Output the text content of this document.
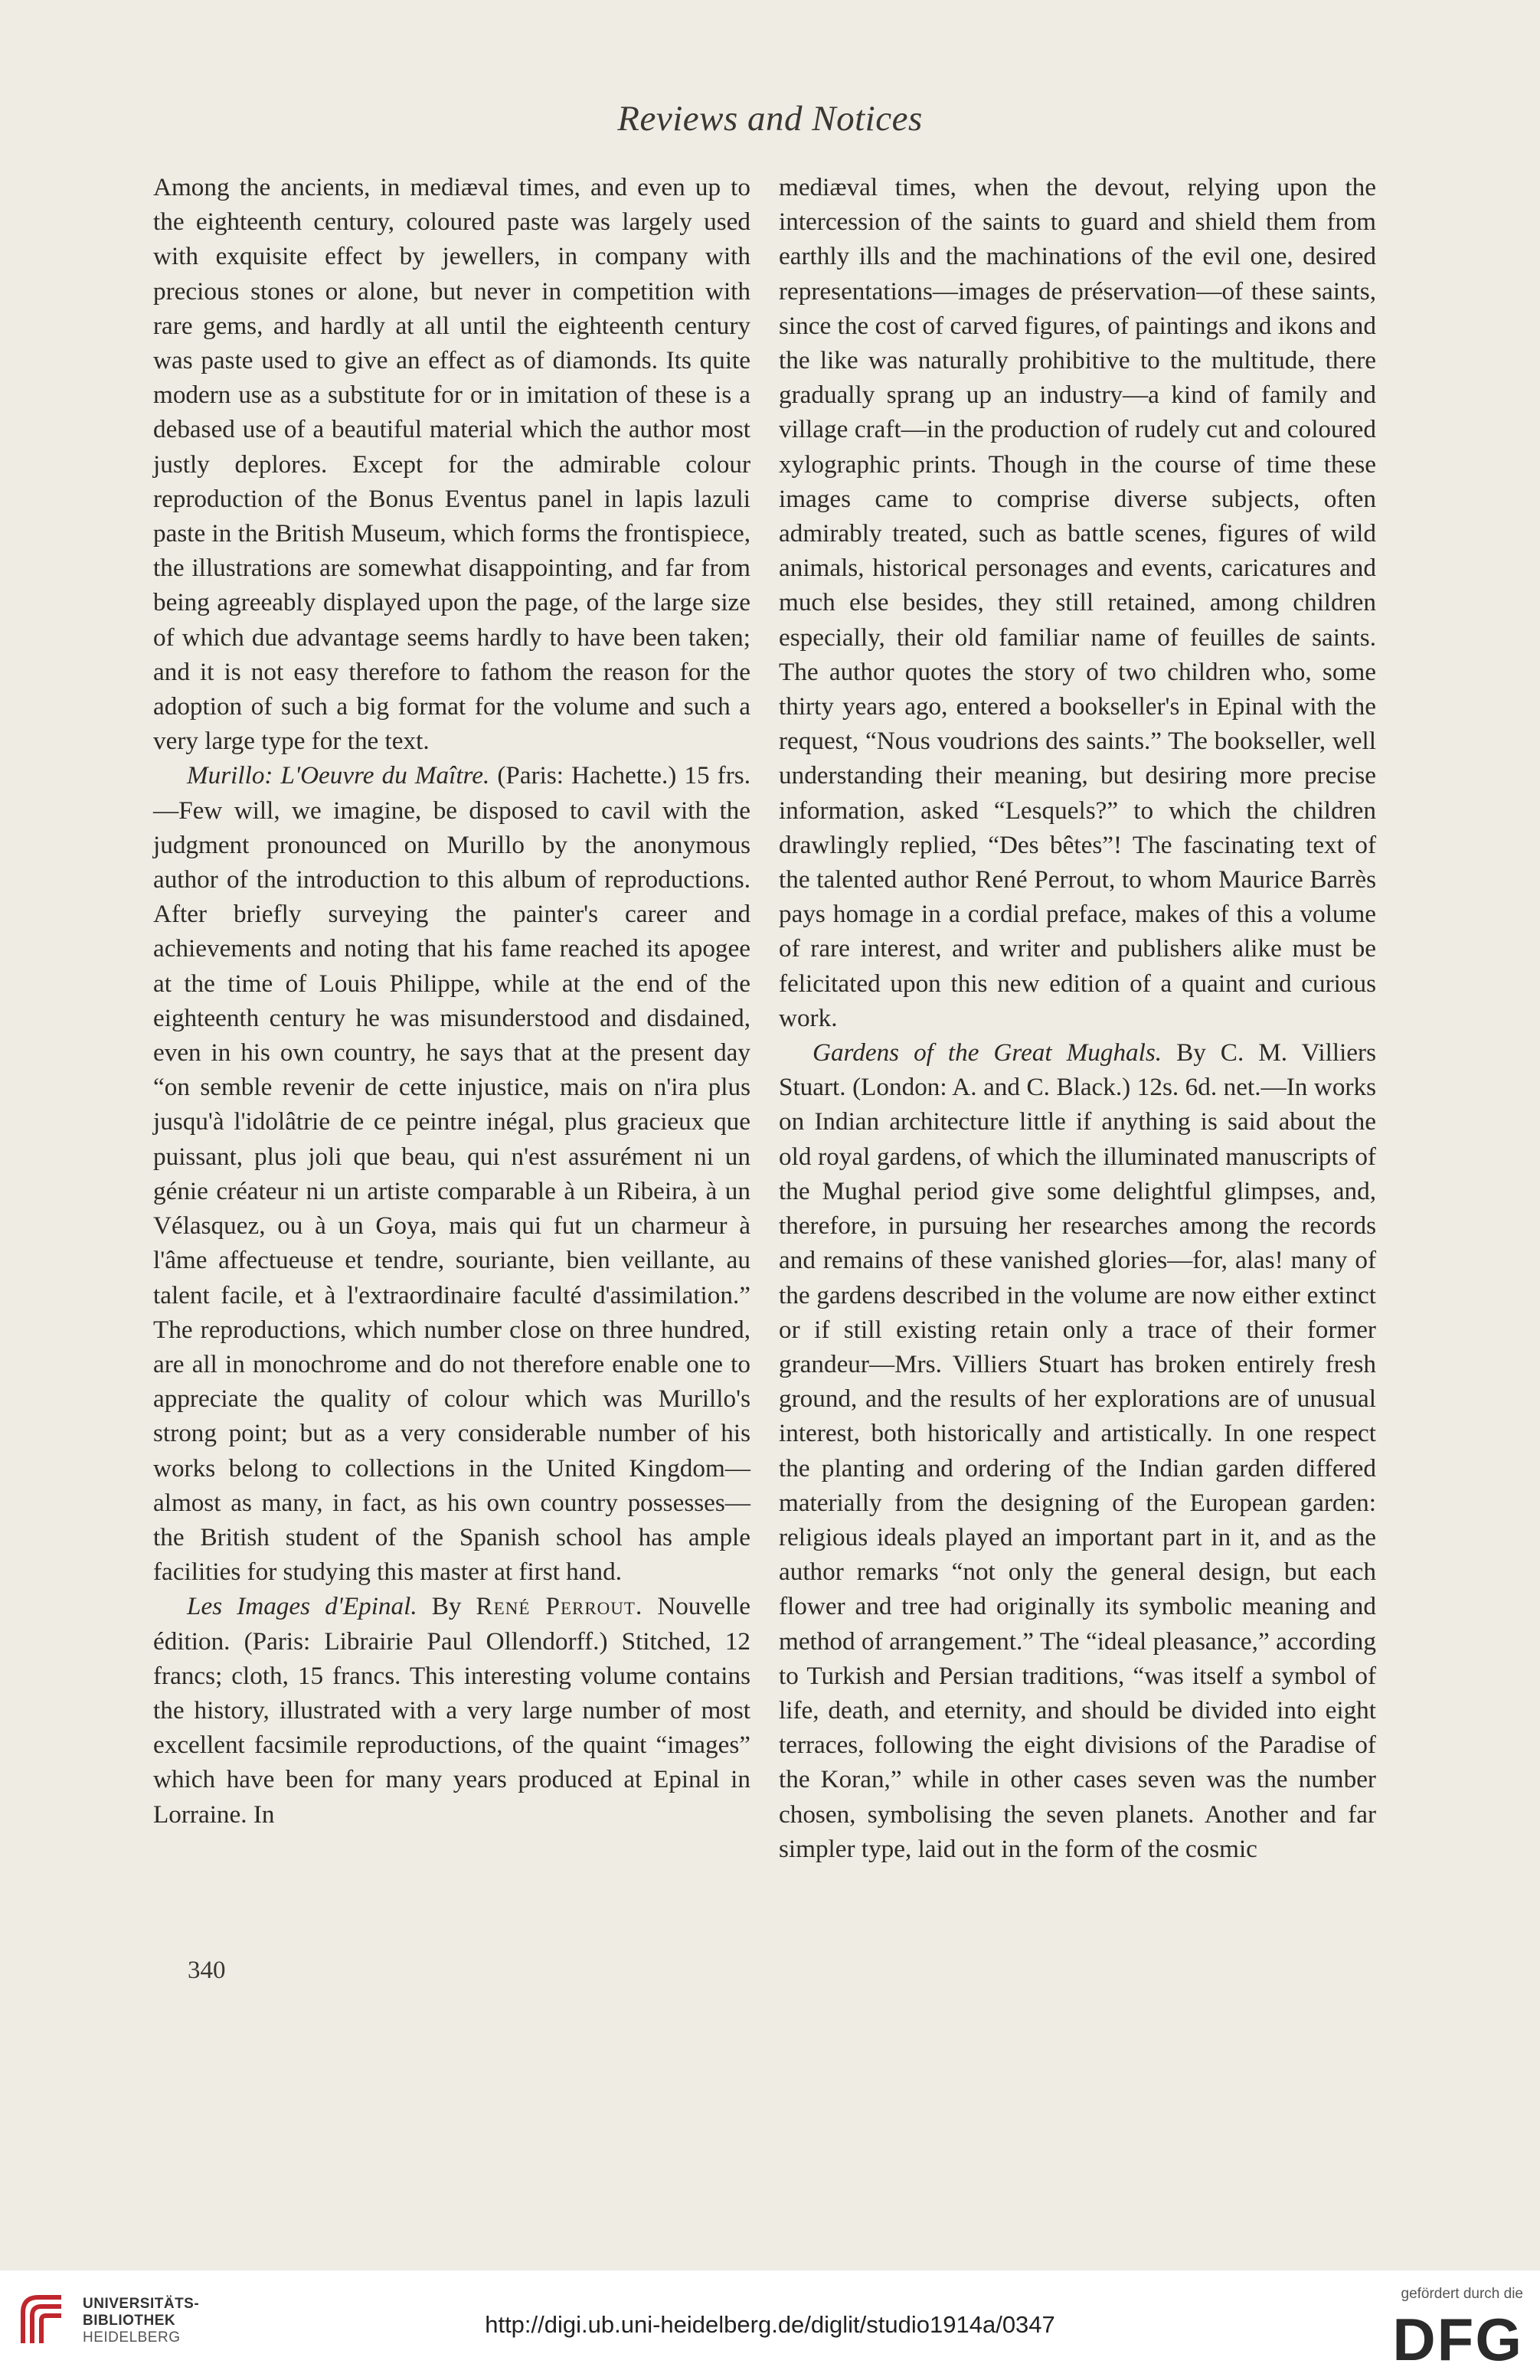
Reviews and Notices

Among the ancients, in mediæval times, and even up to the eighteenth century, coloured paste was largely used with exquisite effect by jewellers, in company with precious stones or alone, but never in competition with rare gems, and hardly at all until the eighteenth century was paste used to give an effect as of diamonds. Its quite modern use as a substitute for or in imitation of these is a debased use of a beautiful material which the author most justly deplores. Except for the admirable colour reproduction of the Bonus Eventus panel in lapis lazuli paste in the British Museum, which forms the frontispiece, the illustrations are somewhat disappointing, and far from being agreeably displayed upon the page, of the large size of which due advantage seems hardly to have been taken; and it is not easy therefore to fathom the reason for the adoption of such a big format for the volume and such a very large type for the text.

Murillo: L'Oeuvre du Maître. (Paris: Hachette.) 15 frs.—Few will, we imagine, be disposed to cavil with the judgment pronounced on Murillo by the anonymous author of the introduction to this album of reproductions. After briefly surveying the painter's career and achievements and noting that his fame reached its apogee at the time of Louis Philippe, while at the end of the eighteenth century he was misunderstood and disdained, even in his own country, he says that at the present day “on semble revenir de cette injustice, mais on n'ira plus jusqu'à l'idolâtrie de ce peintre inégal, plus gracieux que puissant, plus joli que beau, qui n'est assurément ni un génie créateur ni un artiste comparable à un Ribeira, à un Vélasquez, ou à un Goya, mais qui fut un charmeur à l'âme affectueuse et tendre, souriante, bien veillante, au talent facile, et à l'extraordinaire faculté d'assimilation.” The reproductions, which number close on three hundred, are all in monochrome and do not therefore enable one to appreciate the quality of colour which was Murillo's strong point; but as a very considerable number of his works belong to collections in the United Kingdom—almost as many, in fact, as his own country possesses—the British student of the Spanish school has ample facilities for studying this master at first hand.

Les Images d'Epinal. By René Perrout. Nouvelle édition. (Paris: Librairie Paul Ollendorff.) Stitched, 12 francs; cloth, 15 francs. This interesting volume contains the history, illustrated with a very large number of most excellent facsimile reproductions, of the quaint “images” which have been for many years produced at Epinal in Lorraine. In

mediæval times, when the devout, relying upon the intercession of the saints to guard and shield them from earthly ills and the machinations of the evil one, desired representations—images de préservation—of these saints, since the cost of carved figures, of paintings and ikons and the like was naturally prohibitive to the multitude, there gradually sprang up an industry—a kind of family and village craft—in the production of rudely cut and coloured xylographic prints. Though in the course of time these images came to comprise diverse subjects, often admirably treated, such as battle scenes, figures of wild animals, historical personages and events, caricatures and much else besides, they still retained, among children especially, their old familiar name of feuilles de saints. The author quotes the story of two children who, some thirty years ago, entered a bookseller's in Epinal with the request, “Nous voudrions des saints.” The bookseller, well understanding their meaning, but desiring more precise information, asked “Lesquels?” to which the children drawlingly replied, “Des bêtes”! The fascinating text of the talented author René Perrout, to whom Maurice Barrès pays homage in a cordial preface, makes of this a volume of rare interest, and writer and publishers alike must be felicitated upon this new edition of a quaint and curious work.

Gardens of the Great Mughals. By C. M. Villiers Stuart. (London: A. and C. Black.) 12s. 6d. net.—In works on Indian architecture little if anything is said about the old royal gardens, of which the illuminated manuscripts of the Mughal period give some delightful glimpses, and, therefore, in pursuing her researches among the records and remains of these vanished glories—for, alas! many of the gardens described in the volume are now either extinct or if still existing retain only a trace of their former grandeur—Mrs. Villiers Stuart has broken entirely fresh ground, and the results of her explorations are of unusual interest, both historically and artistically. In one respect the planting and ordering of the Indian garden differed materially from the designing of the European garden: religious ideals played an important part in it, and as the author remarks “not only the general design, but each flower and tree had originally its symbolic meaning and method of arrangement.” The “ideal pleasance,” according to Turkish and Persian traditions, “was itself a symbol of life, death, and eternity, and should be divided into eight terraces, following the eight divisions of the Paradise of the Koran,” while in other cases seven was the number chosen, symbolising the seven planets. Another and far simpler type, laid out in the form of the cosmic

340
UNIVERSITÄTS-
BIBLIOTHEK
HEIDELBERG	http://digi.ub.uni-heidelberg.de/diglit/studio1914a/0347
gefördert durch die
DFG
